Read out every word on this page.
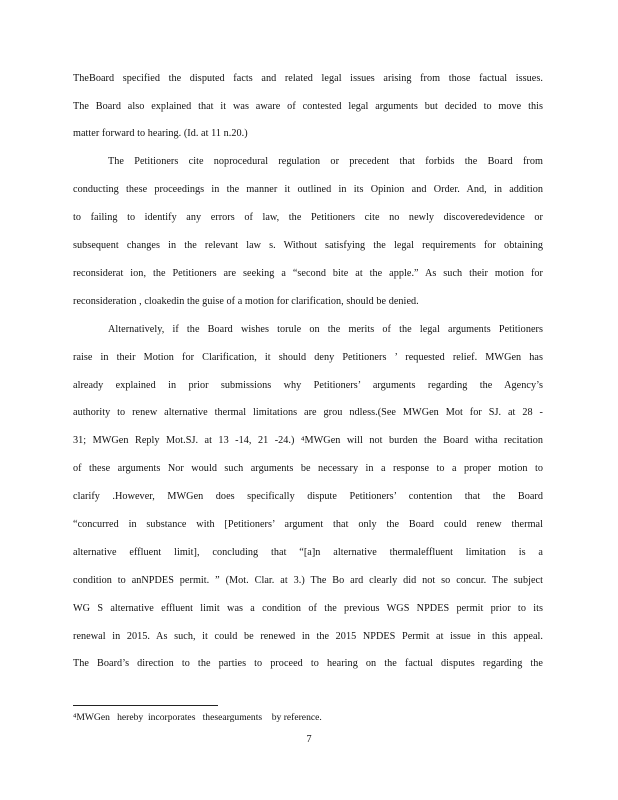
TheBoard specified the disputed facts and related legal issues arising from those factual issues.
The Board also explained that it was aware of contested legal arguments but decided to move this
matter forward to hearing. (Id. at 11 n.20.)
The Petitioners cite noprocedural regulation or precedent that forbids the Board from
conducting these proceedings in the manner it outlined in its Opinion and Order. And, in addition
to failing to identify any errors of law, the Petitioners cite no newly discoveredevidence or
subsequent changes in the relevant law s. Without satisfying the legal requirements for obtaining
reconsiderat ion, the Petitioners are seeking a “second bite at the apple.” As such their motion for
reconsideration , cloakedin the guise of a motion for clarification, should be denied.
Alternatively, if the Board wishes torule on the merits of the legal arguments Petitioners
raise in their Motion for Clarification, it should deny Petitioners ’ requested relief. MWGen has
already explained in prior submissions why Petitioners’ arguments regarding the Agency’s
authority to renew alternative thermal limitations are grou ndless.(See MWGen Mot for SJ. at 28 -
31; MWGen Reply Mot.SJ. at 13 -14, 21 -24.) ⁴MWGen will not burden the Board witha recitation
of these arguments Nor would such arguments be necessary in a response to a proper motion to
clarify .However, MWGen does specifically dispute Petitioners’ contention that the Board
“concurred in substance with [Petitioners’ argument that only the Board could renew thermal
alternative effluent limit], concluding that “[a]n alternative thermaleffluent limitation is a
condition to anNPDES permit. ” (Mot. Clar. at 3.) The Bo ard clearly did not so concur. The subject
WG S alternative effluent limit was a condition of the previous WGS NPDES permit prior to its
renewal in 2015. As such, it could be renewed in the 2015 NPDES Permit at issue in this appeal.
The Board’s direction to the parties to proceed to hearing on the factual disputes regarding the
⁴MWGen   hereby  incorporates   thesearguments    by reference.
7
